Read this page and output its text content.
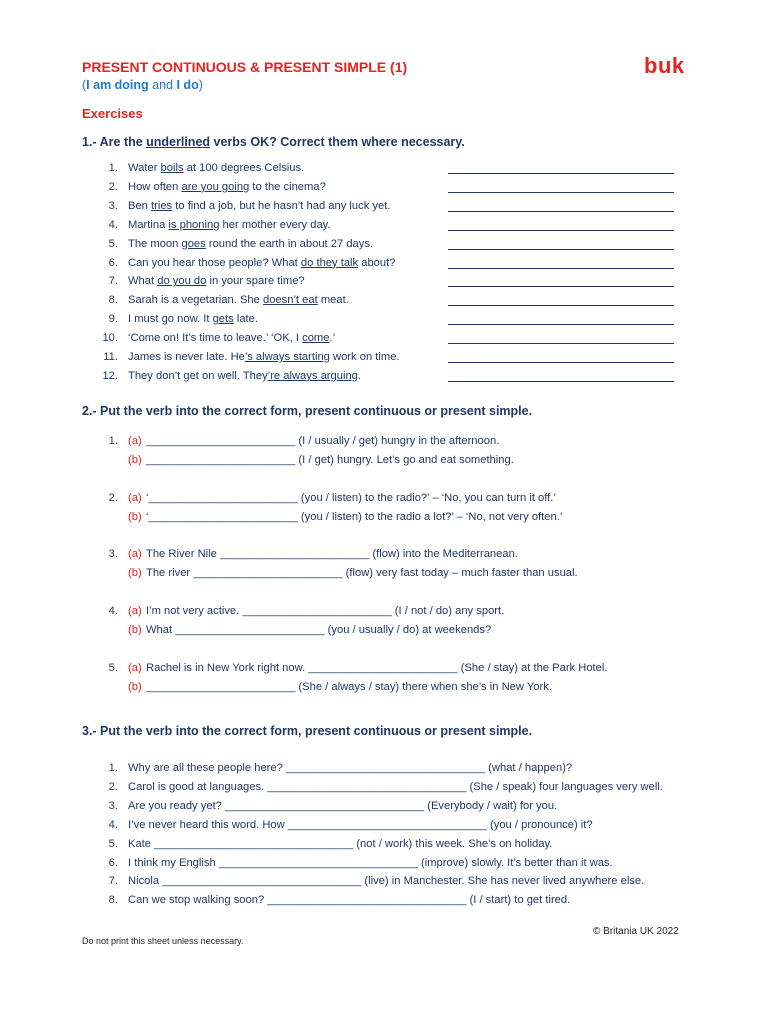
PRESENT CONTINUOUS & PRESENT SIMPLE (1)	buk
(I am doing and I do)
Exercises
1.- Are the underlined verbs OK? Correct them where necessary.
1. Water boils at 100 degrees Celsius.
2. How often are you going to the cinema?
3. Ben tries to find a job, but he hasn’t had any luck yet.
4. Martina is phoning her mother every day.
5. The moon goes round the earth in about 27 days.
6. Can you hear those people? What do they talk about?
7. What do you do in your spare time?
8. Sarah is a vegetarian. She doesn’t eat meat.
9. I must go now. It gets late.
10. ‘Come on! It’s time to leave.’ ‘OK, I come.’
11. James is never late. He’s always starting work on time.
12. They don’t get on well. They’re always arguing.
2.- Put the verb into the correct form, present continuous or present simple.
1. (a) ________________________ (I / usually / get) hungry in the afternoon.
(b) ________________________ (I / get) hungry. Let’s go and eat something.
2. (a) ‘________________________ (you / listen) to the radio?’ – ‘No, you can turn it off.’
(b) ‘________________________ (you / listen) to the radio a lot?’ – ‘No, not very often.’
3. (a) The River Nile ________________________ (flow) into the Mediterranean.
(b) The river ________________________ (flow) very fast today – much faster than usual.
4. (a) I’m not very active. ________________________ (I / not / do) any sport.
(b) What ________________________ (you / usually / do) at weekends?
5. (a) Rachel is in New York right now. ________________________ (She / stay) at the Park Hotel.
(b) ________________________ (She / always / stay) there when she’s in New York.
3.- Put the verb into the correct form, present continuous or present simple.
1. Why are all these people here? ________________________________ (what / happen)?
2. Carol is good at languages. ________________________________ (She / speak) four languages very well.
3. Are you ready yet? ________________________________ (Everybody / wait) for you.
4. I’ve never heard this word. How ________________________________ (you / pronounce) it?
5. Kate ________________________________ (not / work) this week. She’s on holiday.
6. I think my English ________________________________ (improve) slowly. It’s better than it was.
7. Nicola ________________________________ (live) in Manchester. She has never lived anywhere else.
8. Can we stop walking soon? ________________________________ (I / start) to get tired.
© Britania UK 2022
Do not print this sheet unless necessary.
